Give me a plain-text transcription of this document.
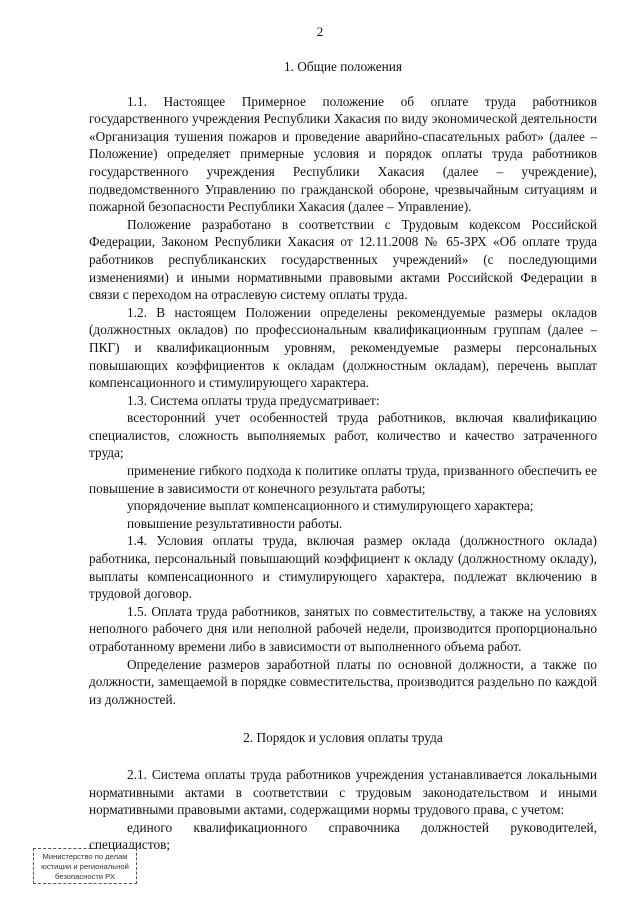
2
1. Общие положения

1.1. Настоящее Примерное положение об оплате труда работников государственного учреждения Республики Хакасия по виду экономической деятельности «Организация тушения пожаров и проведение аварийно-спасательных работ» (далее – Положение) определяет примерные условия и порядок оплаты труда работников государственного учреждения Республики Хакасия (далее – учреждение), подведомственного Управлению по гражданской обороне, чрезвычайным ситуациям и пожарной безопасности Республики Хакасия (далее – Управление).

Положение разработано в соответствии с Трудовым кодексом Российской Федерации, Законом Республики Хакасия от 12.11.2008 № 65-ЗРХ «Об оплате труда работников республиканских государственных учреждений» (с последующими изменениями) и иными нормативными правовыми актами Российской Федерации в связи с переходом на отраслевую систему оплаты труда.

1.2. В настоящем Положении определены рекомендуемые размеры окладов (должностных окладов) по профессиональным квалификационным группам (далее – ПКГ) и квалификационным уровням, рекомендуемые размеры персональных повышающих коэффициентов к окладам (должностным окладам), перечень выплат компенсационного и стимулирующего характера.

1.3. Система оплаты труда предусматривает:

всесторонний учет особенностей труда работников, включая квалификацию специалистов, сложность выполняемых работ, количество и качество затраченного труда;

применение гибкого подхода к политике оплаты труда, призванного обеспечить ее повышение в зависимости от конечного результата работы;

упорядочение выплат компенсационного и стимулирующего характера;

повышение результативности работы.

1.4. Условия оплаты труда, включая размер оклада (должностного оклада) работника, персональный повышающий коэффициент к окладу (должностному окладу), выплаты компенсационного и стимулирующего характера, подлежат включению в трудовой договор.

1.5. Оплата труда работников, занятых по совместительству, а также на условиях неполного рабочего дня или неполной рабочей недели, производится пропорционально отработанному времени либо в зависимости от выполненного объема работ.

Определение размеров заработной платы по основной должности, а также по должности, замещаемой в порядке совместительства, производится раздельно по каждой из должностей.

2. Порядок и условия оплаты труда

2.1. Система оплаты труда работников учреждения устанавливается локальными нормативными актами в соответствии с трудовым законодательством и иными нормативными правовыми актами, содержащими нормы трудового права, с учетом:

единого квалификационного справочника должностей руководителей, специалистов;

Министерство по делам
юстиции и региональной
безопасности РХ
